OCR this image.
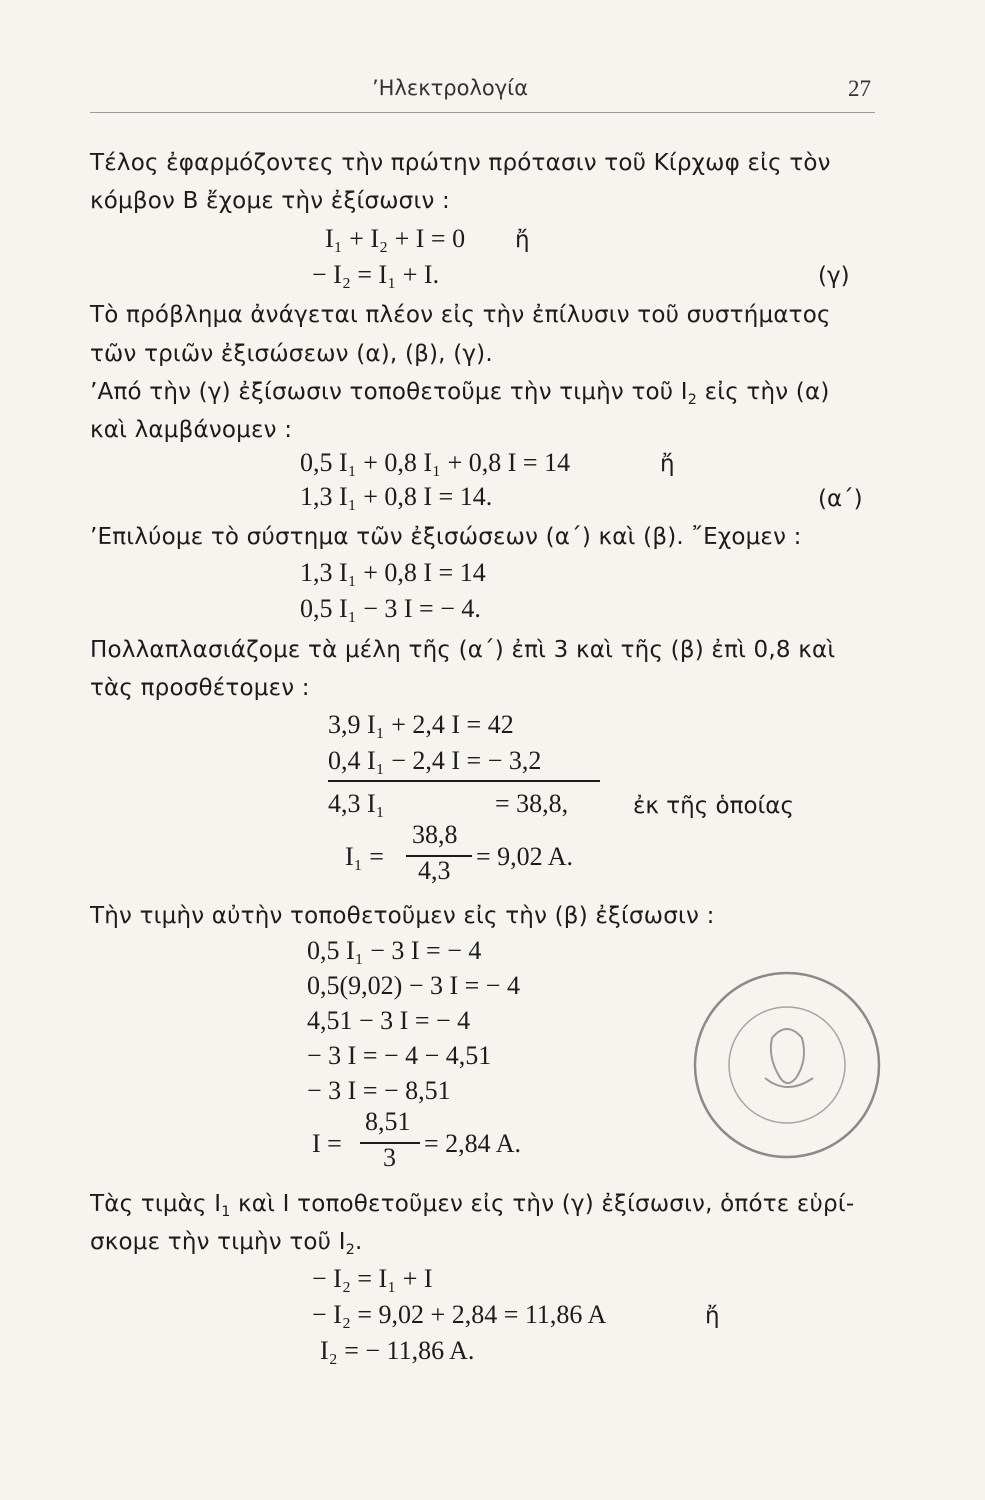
’Ηλεκτρολογία	27
Τέλος ἐφαρμόζοντες τὴν πρώτην πρότασιν τοῦ Κίρχωφ εἰς τὸν
κόμβον B ἔχομε τὴν ἐξίσωσιν :
I₁ + I₂ + I = 0 ἤ
− I₂ = I₁ + I.	(γ)
Τὸ πρόβλημα ἀνάγεται πλέον εἰς τὴν ἐπίλυσιν τοῦ συστήματος
τῶν τριῶν ἐξισώσεων (α), (β), (γ).
’Από τὴν (γ) ἐξίσωσιν τοποθετοῦμε τὴν τιμὴν τοῦ $I_2$ εἰς τὴν (α)
καὶ λαμβάνομεν :
0,5 I₁ + 0,8 I₁ + 0,8 I = 14	ἤ
1,3 I₁ + 0,8 I = 14.	(α΄)
’Επιλύομε τὸ σύστημα τῶν ἐξισώσεων (α΄) καὶ (β). ῎Εχομεν :
1,3 I₁ + 0,8 I = 14
0,5 I₁ − 3 I = − 4.
Πολλαπλασιάζομε τὰ μέλη τῆς (α΄) ἐπὶ 3 καὶ τῆς (β) ἐπὶ 0,8 καὶ
τὰς προσθέτομεν :
3,9 I₁ + 2,4 I = 42
0,4 I₁ − 2,4 I = − 3,2
4,3 I₁	= 38,8,	ἐκ τῆς ὁποίας
I₁ =
38,8
4,3 = 9,02 A.
Τὴν τιμὴν αὐτὴν τοποθετοῦμεν εἰς τὴν (β) ἐξίσωσιν :
0,5 I₁ − 3 I = − 4
0,5(9,02) − 3 I = − 4
4,51 − 3 I = − 4
− 3 I = − 4 − 4,51
− 3 I = − 8,51
I =
8,51
3 = 2,84 A.
Τὰς τιμὰς $I_1$ καὶ I τοποθετοῦμεν εἰς τὴν (γ) ἐξίσωσιν, ὁπότε εὑρί-
σκομε τὴν τιμὴν τοῦ $I_2$.
− I₂ = I₁ + I
− I₂ = 9,02 + 2,84 = 11,86 A	ἤ
I₂ = − 11,86 A.
